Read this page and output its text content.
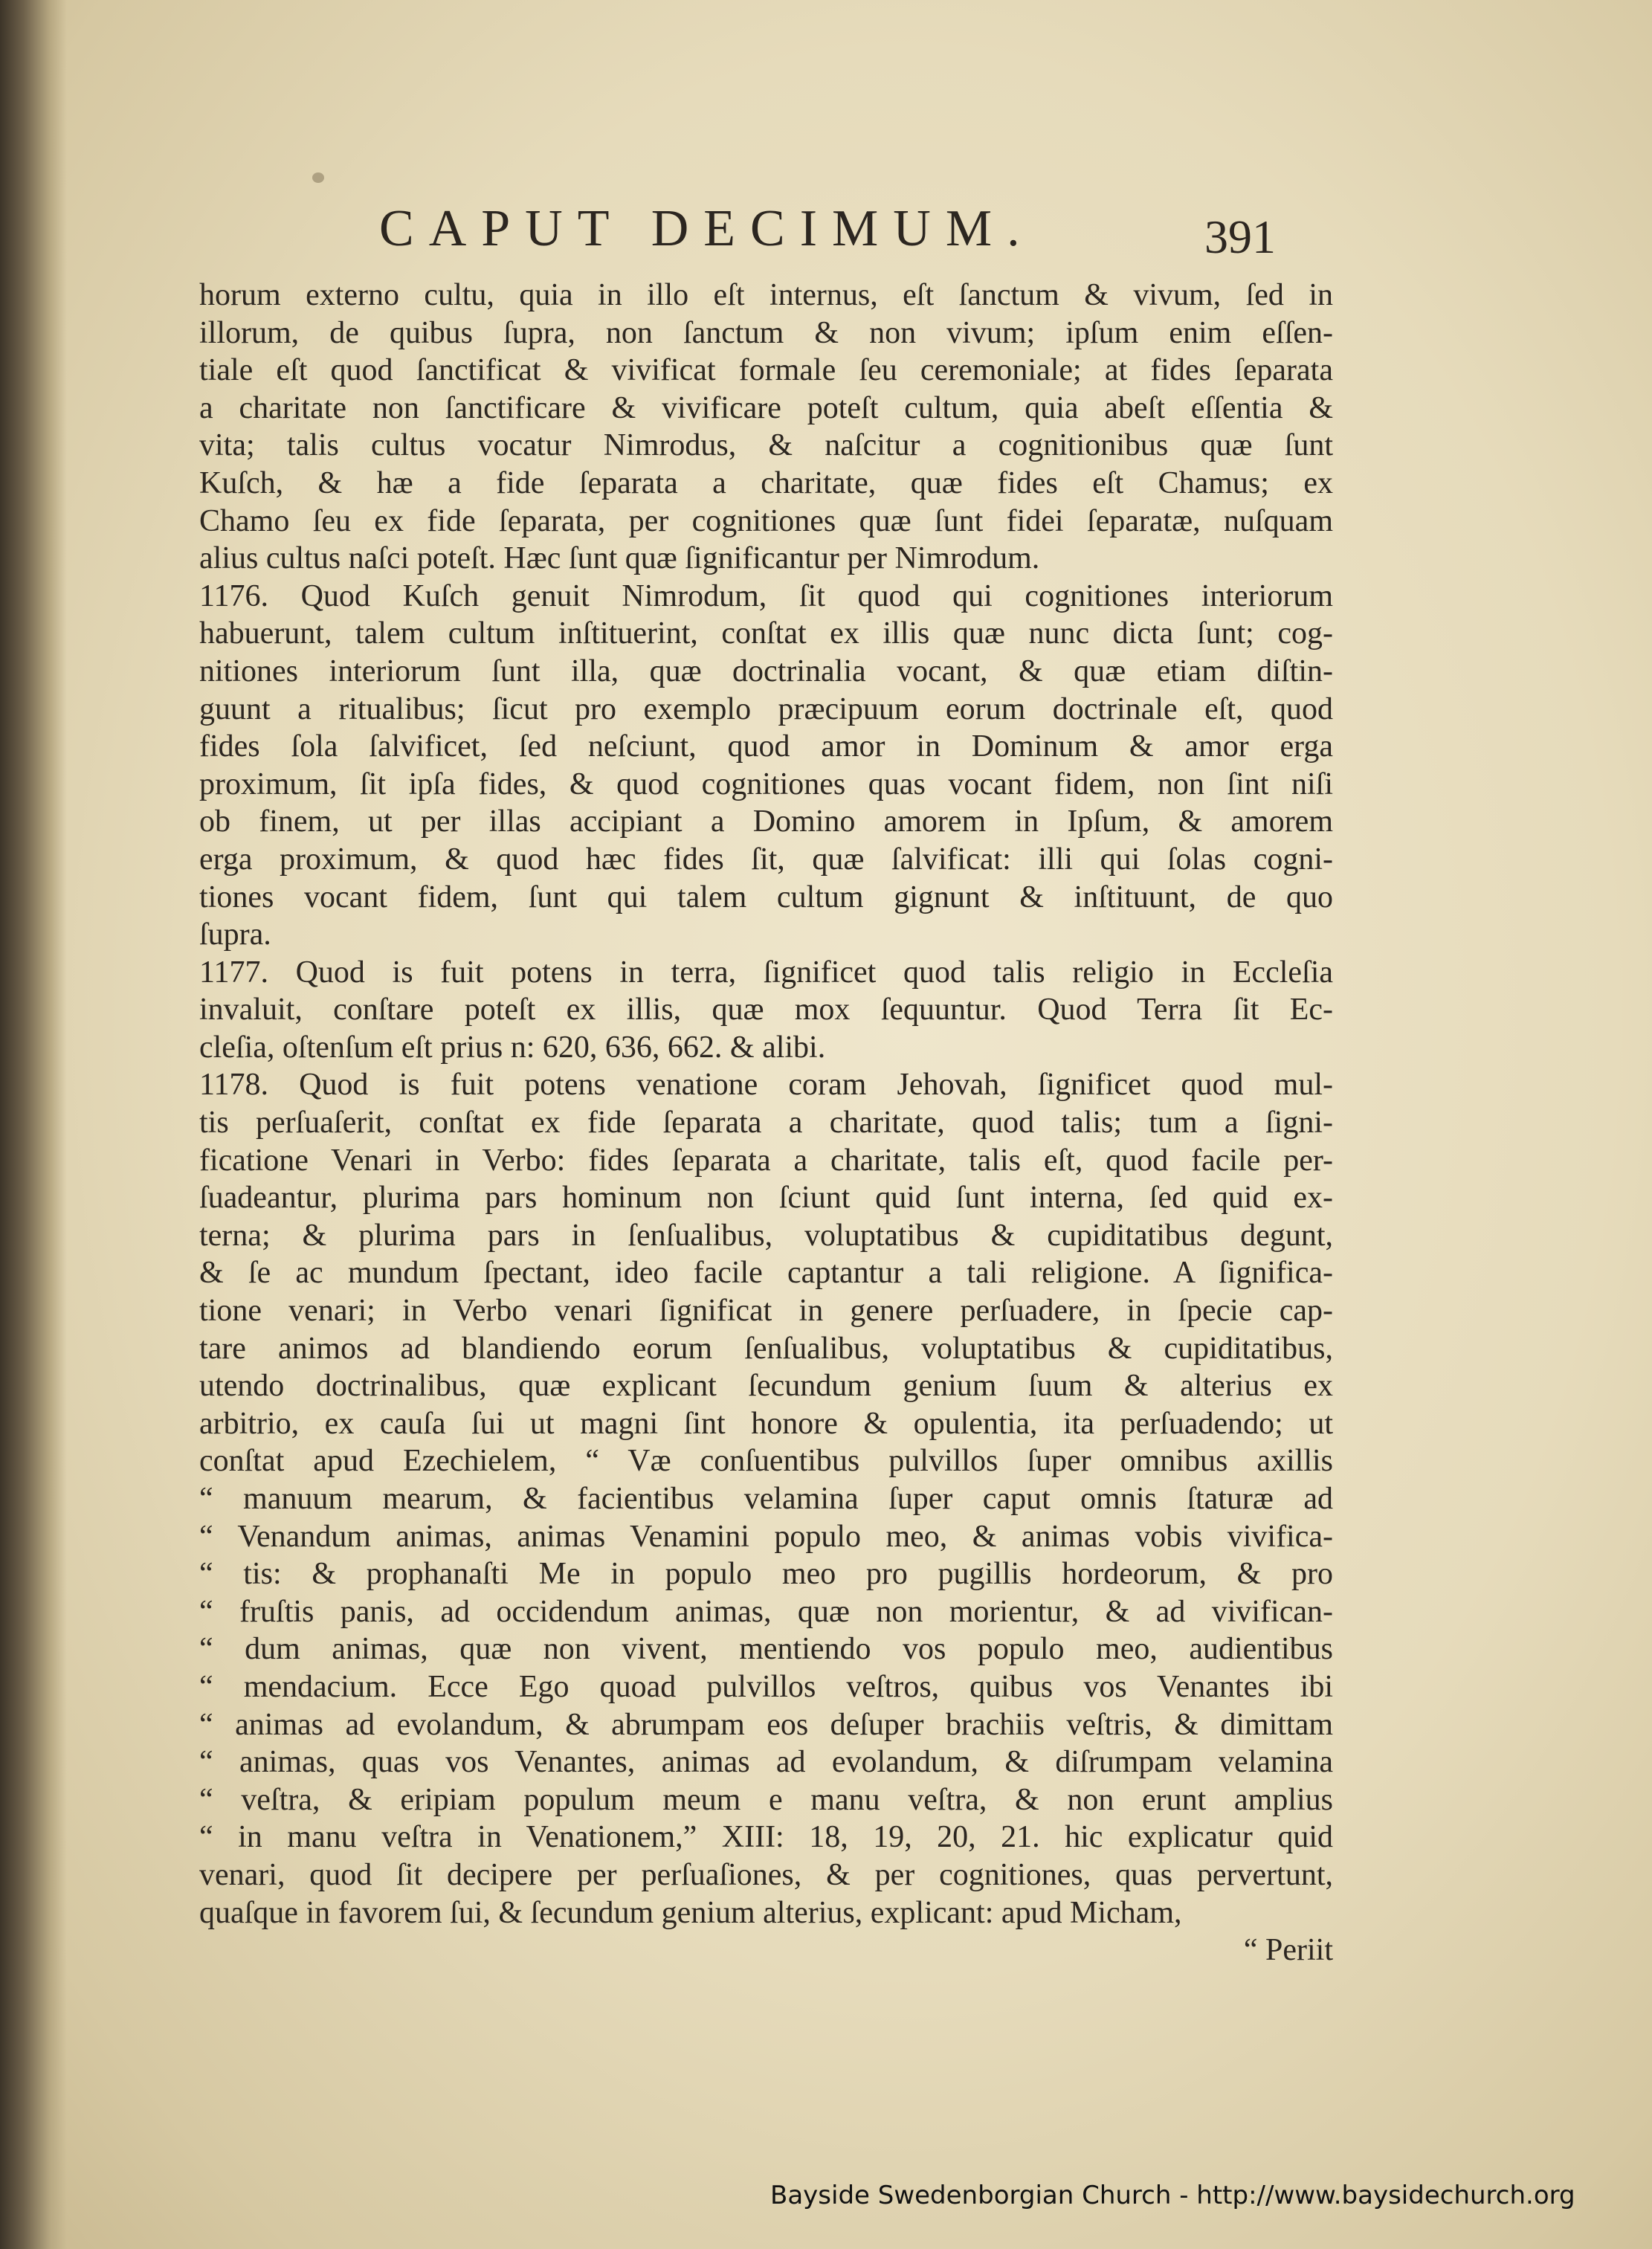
CAPUT DECIMUM.	391
horum externo cultu, quia in illo eſt internus, eſt ſanctum & vivum, ſed in
illorum, de quibus ſupra, non ſanctum & non vivum; ipſum enim eſſen-
tiale eſt quod ſanctificat & vivificat formale ſeu ceremoniale; at fides ſeparata
a charitate non ſanctificare & vivificare poteſt cultum, quia abeſt eſſentia &
vita; talis cultus vocatur Nimrodus, & naſcitur a cognitionibus quæ ſunt
Kuſch, & hæ a fide ſeparata a charitate, quæ fides eſt Chamus; ex
Chamo ſeu ex fide ſeparata, per cognitiones quæ ſunt fidei ſeparatæ, nuſquam
alius cultus naſci poteſt. Hæc ſunt quæ ſignificantur per Nimrodum.
1176. Quod Kuſch genuit Nimrodum, ſit quod qui cognitiones interiorum
habuerunt, talem cultum inſtituerint, conſtat ex illis quæ nunc dicta ſunt; cog-
nitiones interiorum ſunt illa, quæ doctrinalia vocant, & quæ etiam diſtin-
guunt a ritualibus; ſicut pro exemplo præcipuum eorum doctrinale eſt, quod
fides ſola ſalvificet, ſed neſciunt, quod amor in Dominum & amor erga
proximum, ſit ipſa fides, & quod cognitiones quas vocant fidem, non ſint niſi
ob finem, ut per illas accipiant a Domino amorem in Ipſum, & amorem
erga proximum, & quod hæc fides ſit, quæ ſalvificat: illi qui ſolas cogni-
tiones vocant fidem, ſunt qui talem cultum gignunt & inſtituunt, de quo
ſupra.
1177. Quod is fuit potens in terra, ſignificet quod talis religio in Eccleſia
invaluit, conſtare poteſt ex illis, quæ mox ſequuntur. Quod Terra ſit Ec-
cleſia, oſtenſum eſt prius n: 620, 636, 662. & alibi.
1178. Quod is fuit potens venatione coram Jehovah, ſignificet quod mul-
tis perſuaſerit, conſtat ex fide ſeparata a charitate, quod talis; tum a ſigni-
ficatione Venari in Verbo: fides ſeparata a charitate, talis eſt, quod facile per-
ſuadeantur, plurima pars hominum non ſciunt quid ſunt interna, ſed quid ex-
terna; & plurima pars in ſenſualibus, voluptatibus & cupiditatibus degunt,
& ſe ac mundum ſpectant, ideo facile captantur a tali religione. A ſignifica-
tione venari; in Verbo venari ſignificat in genere perſuadere, in ſpecie cap-
tare animos ad blandiendo eorum ſenſualibus, voluptatibus & cupiditatibus,
utendo doctrinalibus, quæ explicant ſecundum genium ſuum & alterius ex
arbitrio, ex cauſa ſui ut magni ſint honore & opulentia, ita perſuadendo; ut
conſtat apud Ezechielem, “ Væ conſuentibus pulvillos ſuper omnibus axillis
“ manuum mearum, & facientibus velamina ſuper caput omnis ſtaturæ ad
“ Venandum animas, animas Venamini populo meo, & animas vobis vivifica-
“ tis: & prophanaſti Me in populo meo pro pugillis hordeorum, & pro
“ fruſtis panis, ad occidendum animas, quæ non morientur, & ad vivifican-
“ dum animas, quæ non vivent, mentiendo vos populo meo, audientibus
“ mendacium. Ecce Ego quoad pulvillos veſtros, quibus vos Venantes ibi
“ animas ad evolandum, & abrumpam eos deſuper brachiis veſtris, & dimittam
“ animas, quas vos Venantes, animas ad evolandum, & diſrumpam velamina
“ veſtra, & eripiam populum meum e manu veſtra, & non erunt amplius
“ in manu veſtra in Venationem,” XIII: 18, 19, 20, 21. hic explicatur quid
venari, quod ſit decipere per perſuaſiones, & per cognitiones, quas pervertunt,
quaſque in favorem ſui, & ſecundum genium alterius, explicant: apud Micham,
“ Periit
Bayside Swedenborgian Church - http://www.baysidechurch.org
